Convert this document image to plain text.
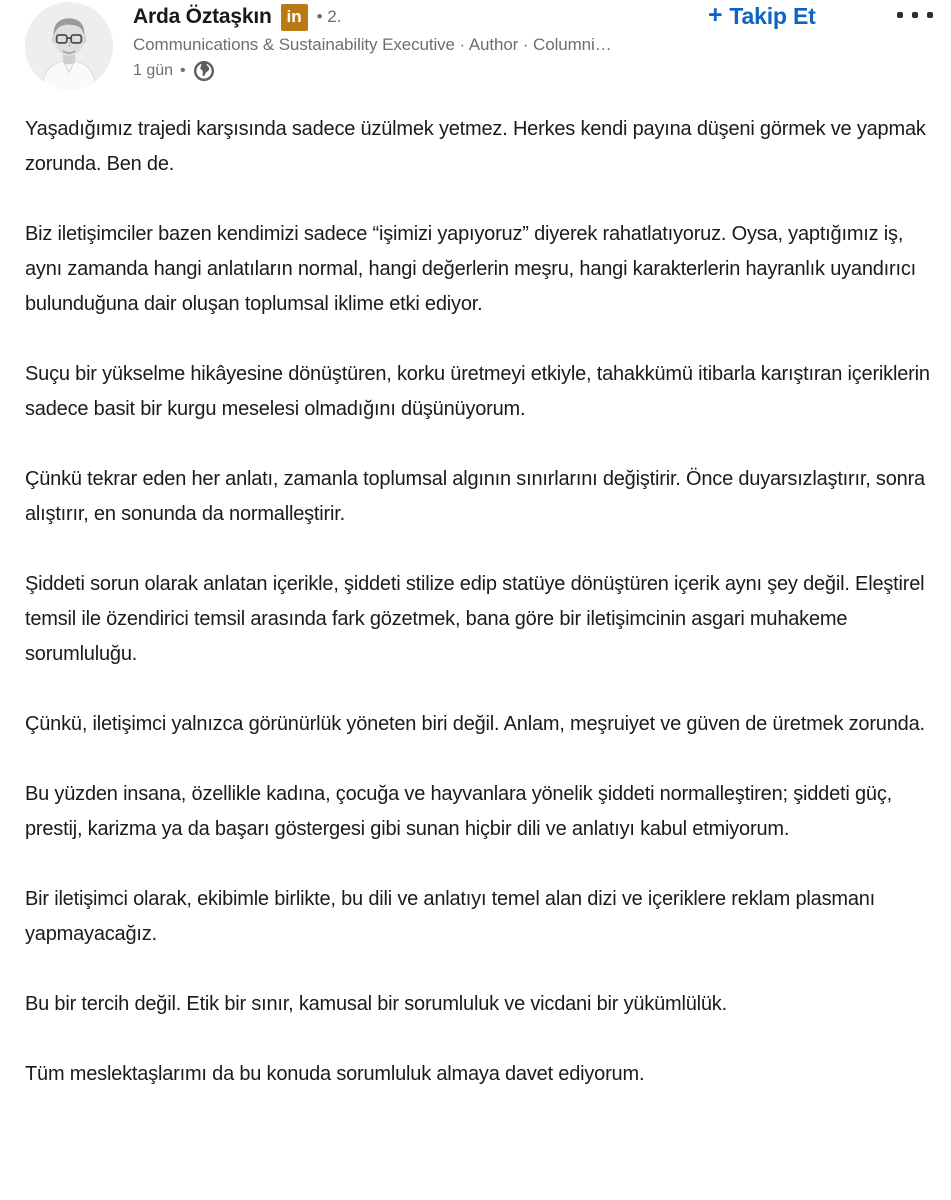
Arda Öztaşkın in • 2.
Communications & Sustainability Executive · Author · Columni…
1 gün •
+ Takip Et

Yaşadığımız trajedi karşısında sadece üzülmek yetmez. Herkes kendi payına düşeni görmek ve yapmak zorunda. Ben de.

Biz iletişimciler bazen kendimizi sadece “işimizi yapıyoruz” diyerek rahatlatıyoruz. Oysa, yaptığımız iş, aynı zamanda hangi anlatıların normal, hangi değerlerin meşru, hangi karakterlerin hayranlık uyandırıcı bulunduğuna dair oluşan toplumsal iklime etki ediyor.

Suçu bir yükselme hikâyesine dönüştüren, korku üretmeyi etkiyle, tahakkümü itibarla karıştıran içeriklerin sadece basit bir kurgu meselesi olmadığını düşünüyorum.

Çünkü tekrar eden her anlatı, zamanla toplumsal algının sınırlarını değiştirir. Önce duyarsızlaştırır, sonra alıştırır, en sonunda da normalleştirir.

Şiddeti sorun olarak anlatan içerikle, şiddeti stilize edip statüye dönüştüren içerik aynı şey değil. Eleştirel temsil ile özendirici temsil arasında fark gözetmek, bana göre bir iletişimcinin asgari muhakeme sorumluluğu.

Çünkü, iletişimci yalnızca görünürlük yöneten biri değil. Anlam, meşruiyet ve güven de üretmek zorunda.

Bu yüzden insana, özellikle kadına, çocuğa ve hayvanlara yönelik şiddeti normalleştiren; şiddeti güç, prestij, karizma ya da başarı göstergesi gibi sunan hiçbir dili ve anlatıyı kabul etmiyorum.

Bir iletişimci olarak, ekibimle birlikte, bu dili ve anlatıyı temel alan dizi ve içeriklere reklam plasmanı yapmayacağız.

Bu bir tercih değil. Etik bir sınır, kamusal bir sorumluluk ve vicdani bir yükümlülük.

Tüm meslektaşlarımı da bu konuda sorumluluk almaya davet ediyorum.
